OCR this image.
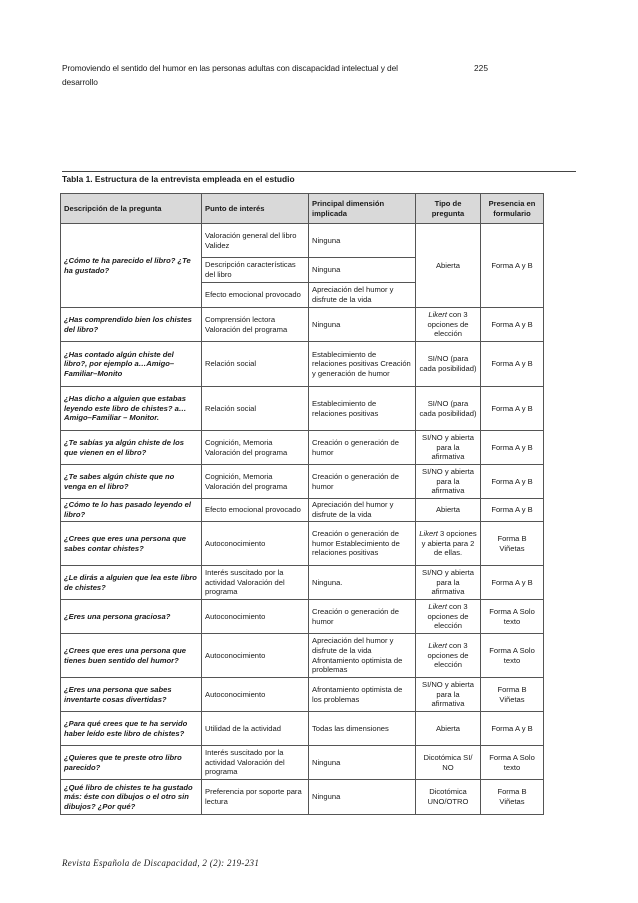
Promoviendo el sentido del humor en las personas adultas con discapacidad intelectual y del desarrollo
225
Tabla 1. Estructura de la entrevista empleada en el estudio
Descripción de la pregunta	Punto de interés	Principal dimensión implicada	Tipo de pregunta	Presencia en formulario
¿Cómo te ha parecido el libro? ¿Te ha gustado?	Valoración general del libro Validez	Ninguna	Abierta	Forma A y B
	Descripción características del libro	Ninguna		
	Efecto emocional provocado	Apreciación del humor y disfrute de la vida		
¿Has comprendido bien los chistes del libro?	Comprensión lectora Valoración del programa	Ninguna	Likert con 3 opciones de elección	Forma A y B
¿Has contado algún chiste del libro?, por ejemplo a…Amigo–Familiar–Monito	Relación social	Establecimiento de relaciones positivas Creación y generación de humor	SI/NO (para cada posibilidad)	Forma A y B
¿Has dicho a alguien que estabas leyendo este libro de chistes? a… Amigo–Familiar – Monitor.	Relación social	Establecimiento de relaciones positivas	SI/NO (para cada posibilidad)	Forma A y B
¿Te sabías ya algún chiste de los que vienen en el libro?	Cognición, Memoria Valoración del programa	Creación o generación de humor	SI/NO y abierta para la afirmativa	Forma A y B
¿Te sabes algún chiste que no venga en el libro?	Cognición, Memoria Valoración del programa	Creación o generación de humor	SI/NO y abierta para la afirmativa	Forma A y B
¿Cómo te lo has pasado leyendo el libro?	Efecto emocional provocado	Apreciación del humor y disfrute de la vida	Abierta	Forma A y B
¿Crees que eres una persona que sabes contar chistes?	Autoconocimiento	Creación o generación de humor Establecimiento de relaciones positivas	Likert 3 opciones y abierta para 2 de ellas.	Forma B Viñetas
¿Le dirás a alguien que lea este libro de chistes?	Interés suscitado por la actividad Valoración del programa	Ninguna.	SI/NO y abierta para la afirmativa	Forma A y B
¿Eres una persona graciosa?	Autoconocimiento	Creación o generación de humor	Likert con 3 opciones de elección	Forma A Solo texto
¿Crees que eres una persona que tienes buen sentido del humor?	Autoconocimiento	Apreciación del humor y disfrute de la vida Afrontamiento optimista de problemas	Likert con 3 opciones de elección	Forma A Solo texto
¿Eres una persona que sabes inventarte cosas divertidas?	Autoconocimiento	Afrontamiento optimista de los problemas	SI/NO y abierta para la afirmativa	Forma B Viñetas
¿Para qué crees que te ha servido haber leído este libro de chistes?	Utilidad de la actividad	Todas las dimensiones	Abierta	Forma A y B
¿Quieres que te preste otro libro parecido?	Interés suscitado por la actividad Valoración del programa	Ninguna	Dicotómica SI/ NO	Forma A Solo texto
¿Qué libro de chistes te ha gustado más: éste con dibujos o el otro sin dibujos? ¿Por qué?	Preferencia por soporte para lectura	Ninguna	Dicotómica UNO/OTRO	Forma B Viñetas
Revista Española de Discapacidad, 2 (2): 219-231
